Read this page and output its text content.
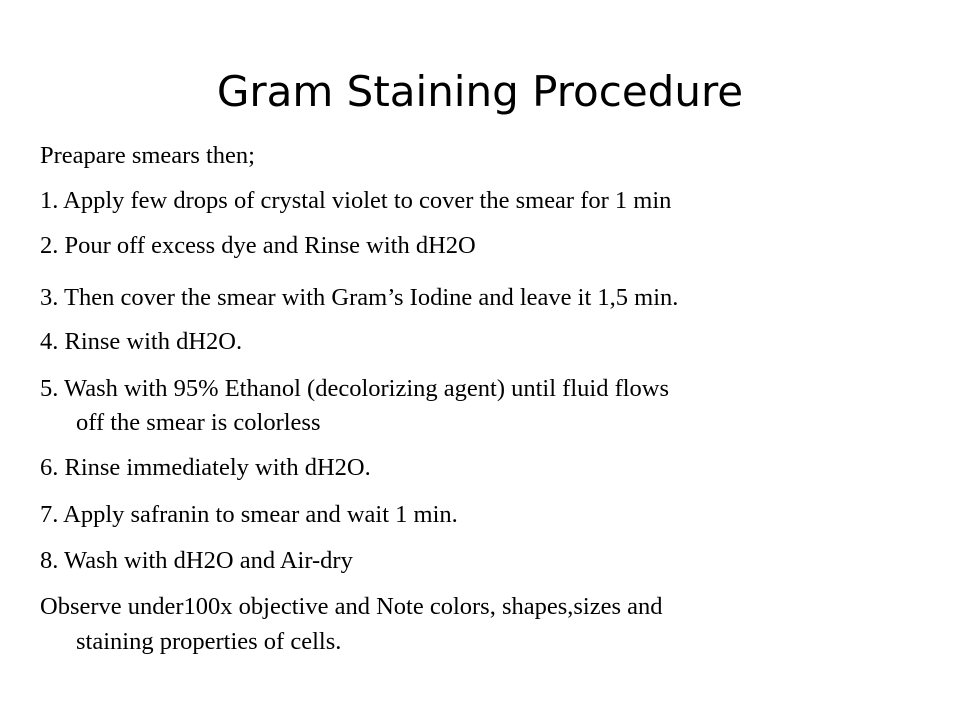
Gram Staining Procedure
Preapare smears then;
1. Apply few drops of crystal violet to cover the smear for 1 min
2. Pour off excess dye and Rinse with dH2O
3. Then cover the smear with Gram’s Iodine and leave it 1,5 min.
4. Rinse with dH2O.
5. Wash with 95% Ethanol (decolorizing agent) until fluid flows
off the smear is colorless
6. Rinse immediately with dH2O.
7. Apply safranin to smear and wait 1 min.
8. Wash with dH2O and Air-dry
Observe under100x objective and Note colors, shapes,sizes and
staining properties of cells.
